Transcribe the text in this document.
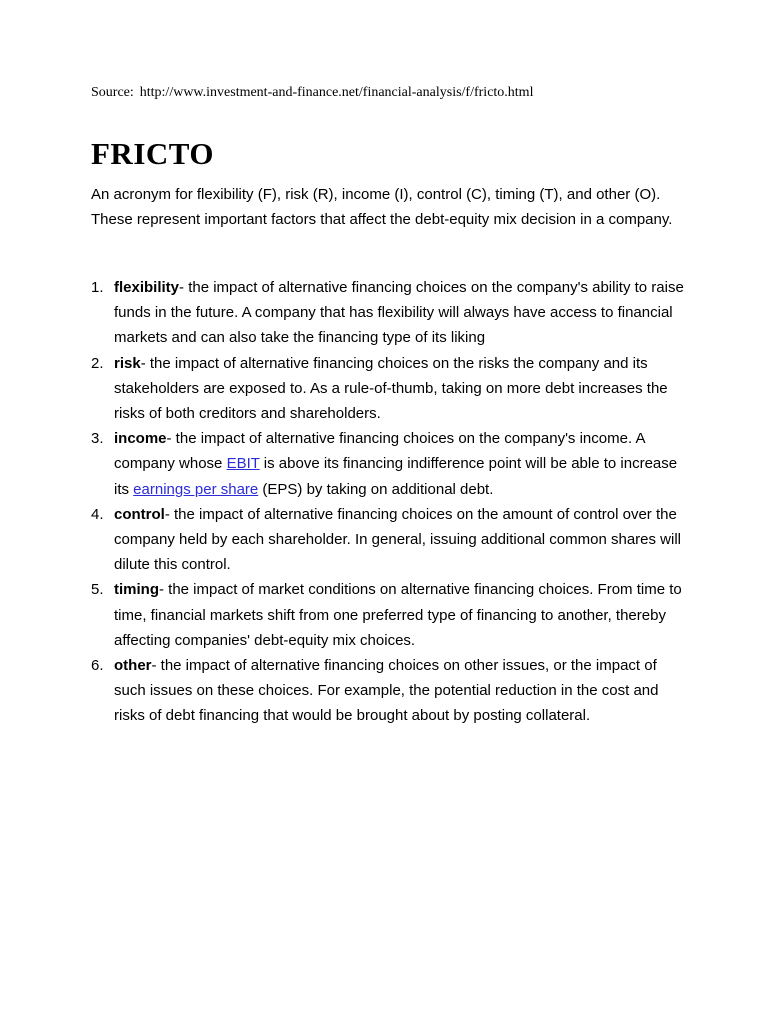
Source: http://www.investment-and-finance.net/financial-analysis/f/fricto.html
FRICTO

An acronym for flexibility (F), risk (R), income (I), control (C), timing (T), and other (O). These represent important factors that affect the debt-equity mix decision in a company.

1. flexibility- the impact of alternative financing choices on the company's ability to raise funds in the future. A company that has flexibility will always have access to financial markets and can also take the financing type of its liking
2. risk- the impact of alternative financing choices on the risks the company and its stakeholders are exposed to. As a rule-of-thumb, taking on more debt increases the risks of both creditors and shareholders.
3. income- the impact of alternative financing choices on the company's income. A company whose EBIT is above its financing indifference point will be able to increase its earnings per share (EPS) by taking on additional debt.
4. control- the impact of alternative financing choices on the amount of control over the company held by each shareholder. In general, issuing additional common shares will dilute this control.
5. timing- the impact of market conditions on alternative financing choices. From time to time, financial markets shift from one preferred type of financing to another, thereby affecting companies' debt-equity mix choices.
6. other- the impact of alternative financing choices on other issues, or the impact of such issues on these choices. For example, the potential reduction in the cost and risks of debt financing that would be brought about by posting collateral.
